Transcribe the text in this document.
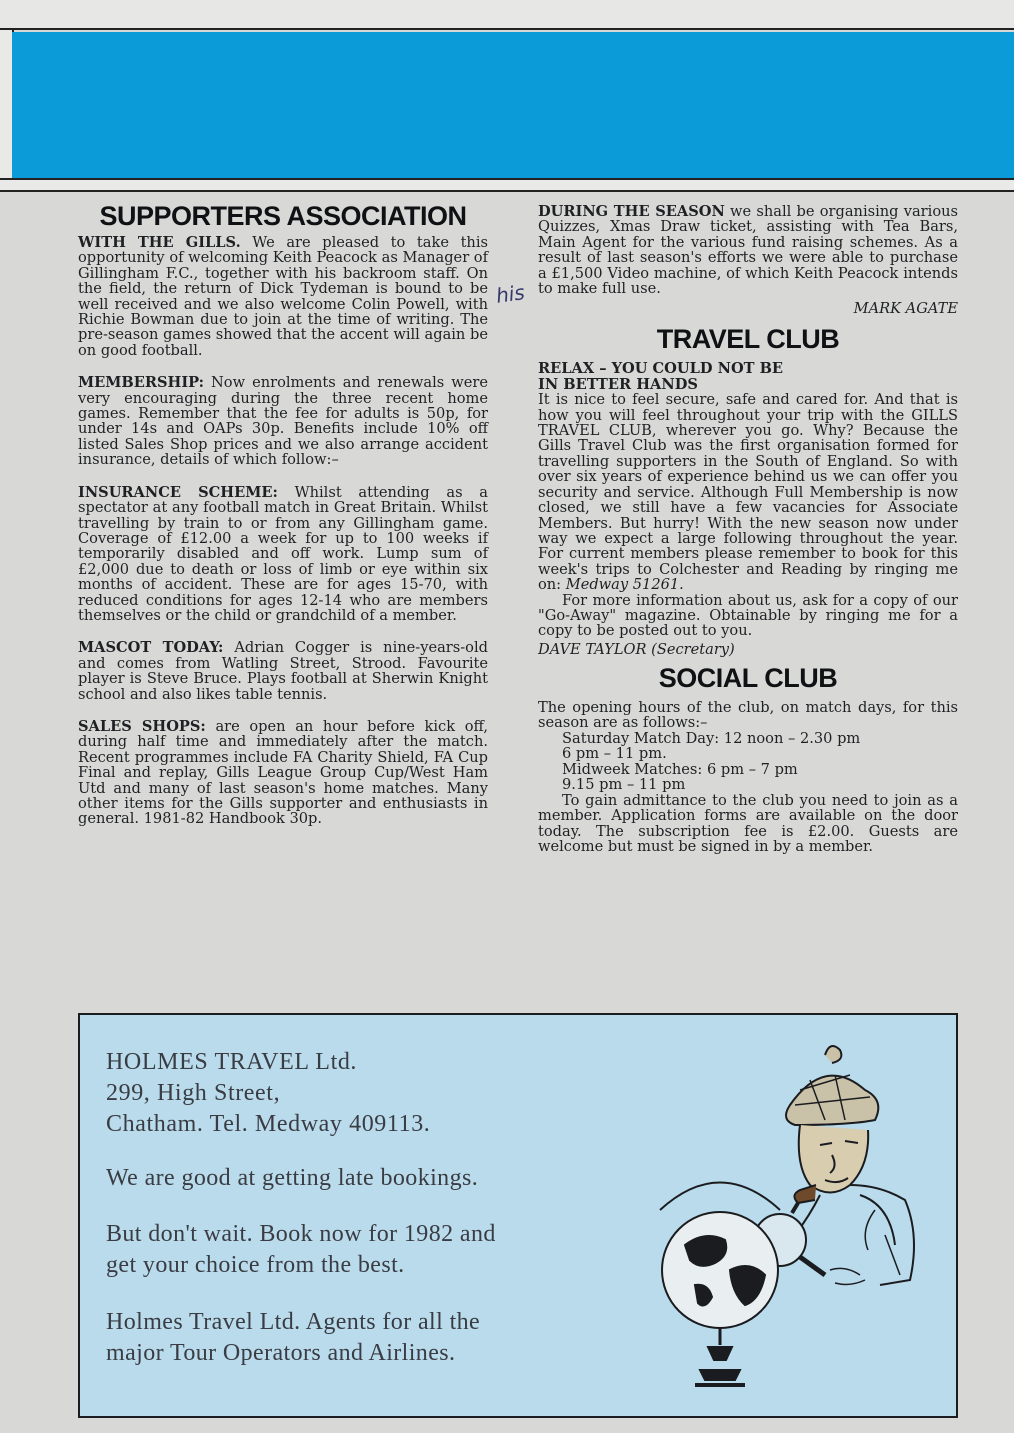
SUPPORTERS ASSOCIATION

WITH THE GILLS. We are pleased to take this opportunity of welcoming Keith Peacock as Manager of Gillingham F.C., together with his backroom staff. On the field, the return of Dick Tydeman is bound to be well received and we also welcome Colin Powell, with Richie Bowman due to join at the time of writing. The pre-season games showed that the accent will again be on good football.

MEMBERSHIP: Now enrolments and renewals were very encouraging during the three recent home games. Remember that the fee for adults is 50p, for under 14s and OAPs 30p. Benefits include 10% off listed Sales Shop prices and we also arrange accident insurance, details of which follow:–

INSURANCE SCHEME: Whilst attending as a spectator at any football match in Great Britain. Whilst travelling by train to or from any Gillingham game. Coverage of £12.00 a week for up to 100 weeks if temporarily disabled and off work. Lump sum of £2,000 due to death or loss of limb or eye within six months of accident. These are for ages 15-70, with reduced conditions for ages 12-14 who are members themselves or the child or grandchild of a member.

MASCOT TODAY: Adrian Cogger is nine-years-old and comes from Watling Street, Strood. Favourite player is Steve Bruce. Plays football at Sherwin Knight school and also likes table tennis.

SALES SHOPS: are open an hour before kick off, during half time and immediately after the match. Recent programmes include FA Charity Shield, FA Cup Final and replay, Gills League Group Cup/West Ham Utd and many of last season's home matches. Many other items for the Gills supporter and enthusiasts in general. 1981-82 Handbook 30p.

his

DURING THE SEASON we shall be organising various Quizzes, Xmas Draw ticket, assisting with Tea Bars, Main Agent for the various fund raising schemes. As a result of last season's efforts we were able to purchase a £1,500 Video machine, of which Keith Peacock intends to make full use.

MARK AGATE
TRAVEL CLUB
RELAX – YOU COULD NOT BE
IN BETTER HANDS

It is nice to feel secure, safe and cared for. And that is how you will feel throughout your trip with the GILLS TRAVEL CLUB, wherever you go. Why? Because the Gills Travel Club was the first organisation formed for travelling supporters in the South of England. So with over six years of experience behind us we can offer you security and service. Although Full Membership is now closed, we still have a few vacancies for Associate Members. But hurry! With the new season now under way we expect a large following throughout the year. For current members please remember to book for this week's trips to Colchester and Reading by ringing me on: Medway 51261.

For more information about us, ask for a copy of our "Go-Away" magazine. Obtainable by ringing me for a copy to be posted out to you.

DAVE TAYLOR (Secretary)
SOCIAL CLUB

The opening hours of the club, on match days, for this season are as follows:–

Saturday Match Day: 12 noon – 2.30 pm
6 pm – 11 pm.
Midweek Matches: 6 pm – 7 pm
9.15 pm – 11 pm

To gain admittance to the club you need to join as a member. Application forms are available on the door today. The subscription fee is £2.00. Guests are welcome but must be signed in by a member.

HOLMES TRAVEL Ltd.
299, High Street,
Chatham. Tel. Medway 409113.
We are good at getting late bookings.
But don't wait. Book now for 1982 and
get your choice from the best.
Holmes Travel Ltd. Agents for all the
major Tour Operators and Airlines.
